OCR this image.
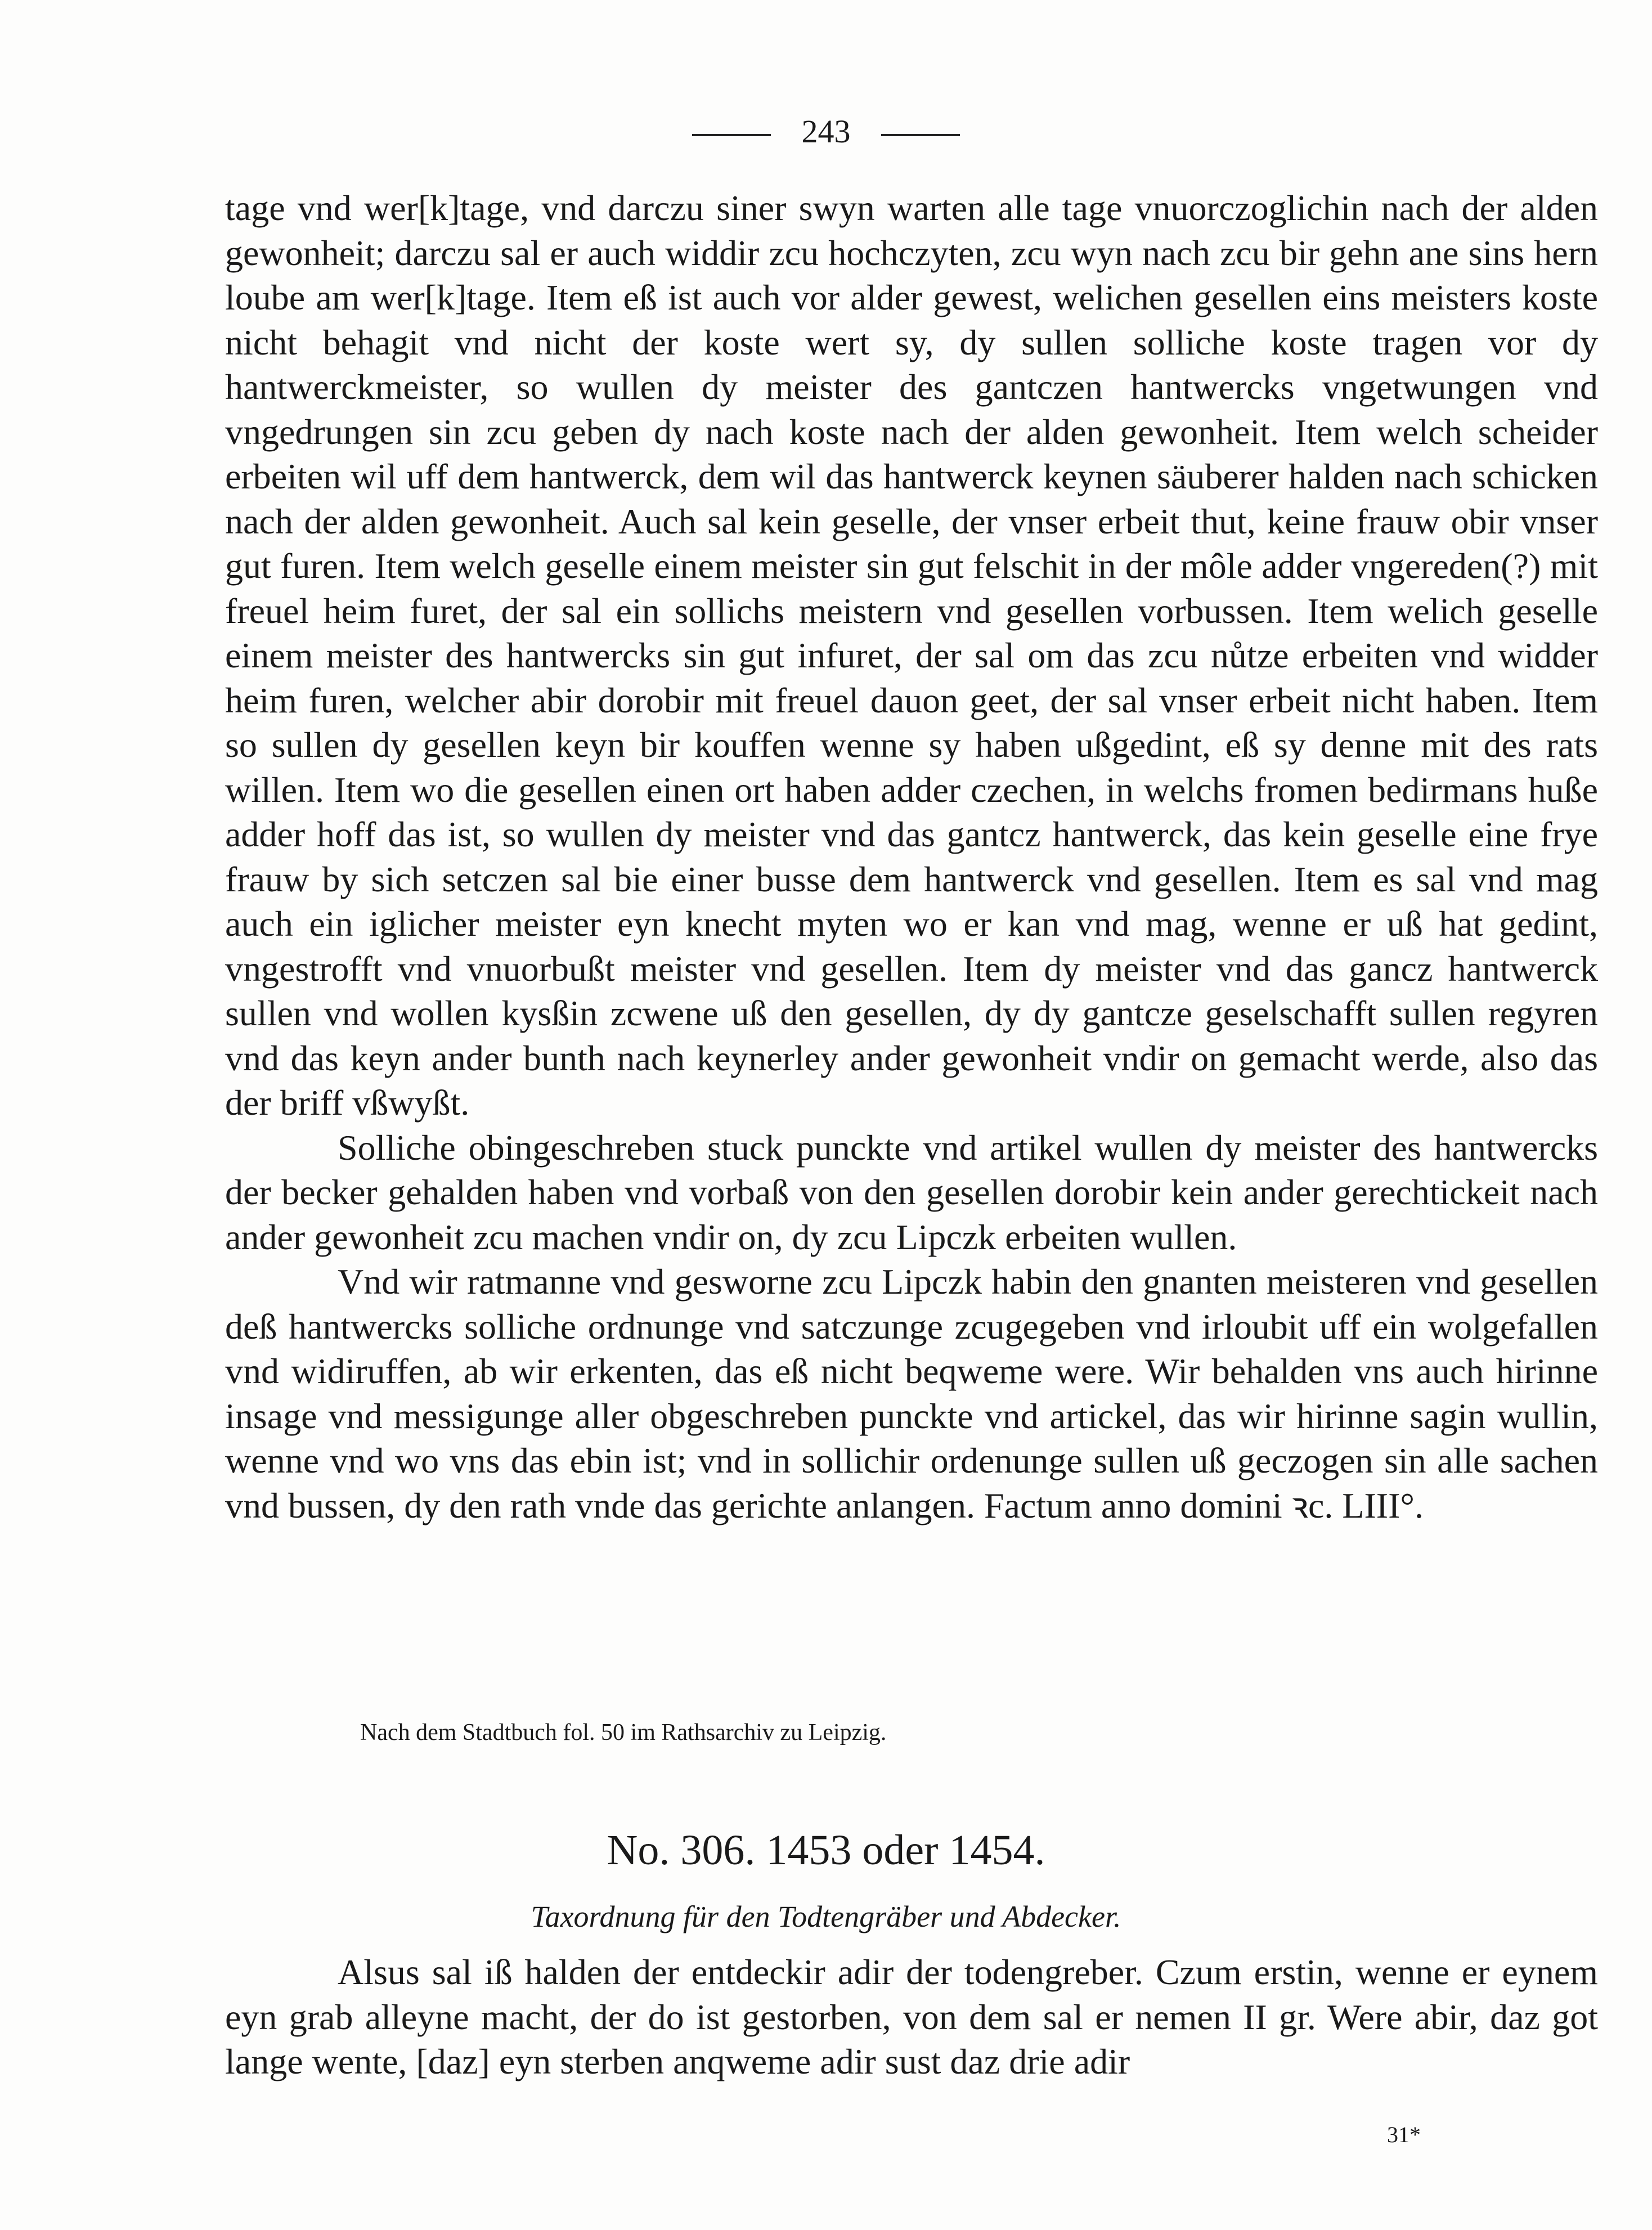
243

tage vnd wer[k]tage, vnd darczu siner swyn warten alle tage vnuorczoglichin nach der alden gewonheit; darczu sal er auch widdir zcu hochczyten, zcu wyn nach zcu bir gehn ane sins hern loube am wer[k]tage. Item eß ist auch vor alder gewest, welichen gesellen eins meisters koste nicht behagit vnd nicht der koste wert sy, dy sullen solliche koste tragen vor dy hantwerckmeister, so wullen dy meister des gantczen hantwercks vngetwungen vnd vngedrungen sin zcu geben dy nach koste nach der alden gewonheit. Item welch scheider erbeiten wil uff dem hantwerck, dem wil das hantwerck keynen säuberer halden nach schicken nach der alden gewonheit. Auch sal kein geselle, der vnser erbeit thut, keine frauw obir vnser gut furen. Item welch geselle einem meister sin gut felschit in der môle adder vngereden(?) mit freuel heim furet, der sal ein sollichs meistern vnd gesellen vorbussen. Item welich geselle einem meister des hantwercks sin gut infuret, der sal om das zcu nůtze erbeiten vnd widder heim furen, welcher abir dorobir mit freuel dauon geet, der sal vnser erbeit nicht haben. Item so sullen dy gesellen keyn bir kouffen wenne sy haben ußgedint, eß sy denne mit des rats willen. Item wo die gesellen einen ort haben adder czechen, in welchs fromen bedirmans huße adder hoff das ist, so wullen dy meister vnd das gantcz hantwerck, das kein geselle eine frye frauw by sich setczen sal bie einer busse dem hantwerck vnd gesellen. Item es sal vnd mag auch ein iglicher meister eyn knecht myten wo er kan vnd mag, wenne er uß hat gedint, vngestrofft vnd vnuorbußt meister vnd gesellen. Item dy meister vnd das gancz hantwerck sullen vnd wollen kysßin zcwene uß den gesellen, dy dy gantcze geselschafft sullen regyren vnd das keyn ander bunth nach keynerley ander gewonheit vndir on gemacht werde, also das der briff vßwyßt.

Solliche obingeschreben stuck punckte vnd artikel wullen dy meister des hantwercks der becker gehalden haben vnd vorbaß von den gesellen dorobir kein ander gerechtickeit nach ander gewonheit zcu machen vndir on, dy zcu Lipczk erbeiten wullen.

Vnd wir ratmanne vnd gesworne zcu Lipczk habin den gnanten meisteren vnd gesellen deß hantwercks solliche ordnunge vnd satczunge zcugegeben vnd irloubit uff ein wolgefallen vnd widiruffen, ab wir erkenten, das eß nicht beqweme were. Wir behalden vns auch hirinne insage vnd messigunge aller obgeschreben punckte vnd artickel, das wir hirinne sagin wullin, wenne vnd wo vns das ebin ist; vnd in sollichir ordenunge sullen uß geczogen sin alle sachen vnd bussen, dy den rath vnde das gerichte anlangen. Factum anno domini ꝛc. LIII°.

Nach dem Stadtbuch fol. 50 im Rathsarchiv zu Leipzig.
No. 306. 1453 oder 1454.
Taxordnung für den Todtengräber und Abdecker.

Alsus sal iß halden der entdeckir adir der todengreber. Czum erstin, wenne er eynem eyn grab alleyne macht, der do ist gestorben, von dem sal er nemen II gr. Were abir, daz got lange wente, [daz] eyn sterben anqweme adir sust daz drie adir

31*
